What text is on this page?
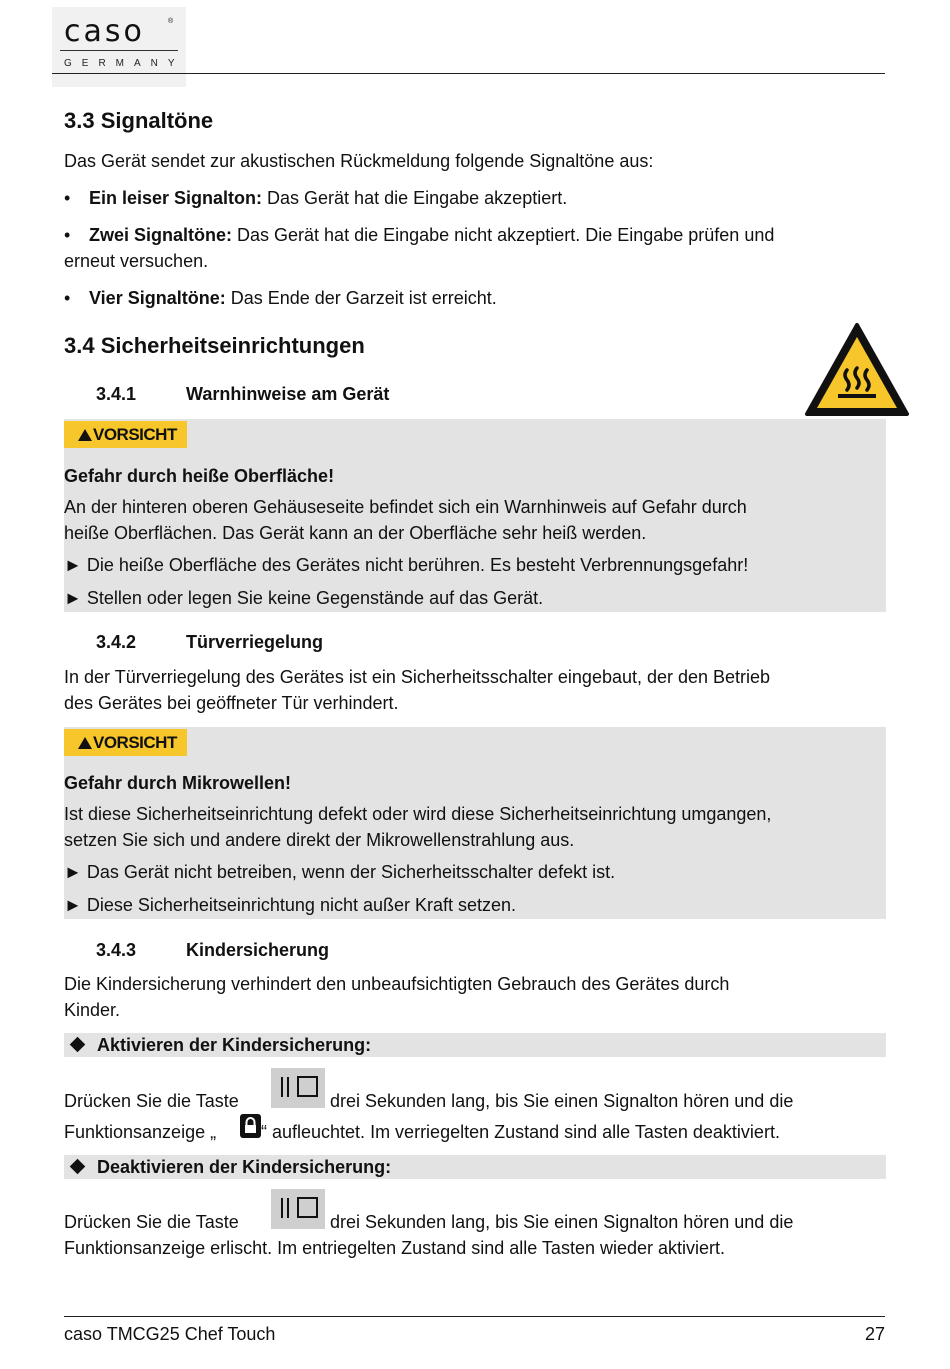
caso	®
GERMANY
3.3 Signaltöne
Das Gerät sendet zur akustischen Rückmeldung folgende Signaltöne aus:
• Ein leiser Signalton: Das Gerät hat die Eingabe akzeptiert.
• Zwei Signaltöne: Das Gerät hat die Eingabe nicht akzeptiert. Die Eingabe prüfen und
erneut versuchen.
• Vier Signaltöne: Das Ende der Garzeit ist erreicht.
3.4 Sicherheitseinrichtungen
3.4.1	Warnhinweise am Gerät
VORSICHT
Gefahr durch heiße Oberfläche!
An der hinteren oberen Gehäuseseite befindet sich ein Warnhinweis auf Gefahr durch
heiße Oberflächen. Das Gerät kann an der Oberfläche sehr heiß werden.
► Die heiße Oberfläche des Gerätes nicht berühren. Es besteht Verbrennungsgefahr!
► Stellen oder legen Sie keine Gegenstände auf das Gerät.
3.4.2	Türverriegelung
In der Türverriegelung des Gerätes ist ein Sicherheitsschalter eingebaut, der den Betrieb
des Gerätes bei geöffneter Tür verhindert.
VORSICHT
Gefahr durch Mikrowellen!
Ist diese Sicherheitseinrichtung defekt oder wird diese Sicherheitseinrichtung umgangen,
setzen Sie sich und andere direkt der Mikrowellenstrahlung aus.
► Das Gerät nicht betreiben, wenn der Sicherheitsschalter defekt ist.
► Diese Sicherheitseinrichtung nicht außer Kraft setzen.
3.4.3	Kindersicherung
Die Kindersicherung verhindert den unbeaufsichtigten Gebrauch des Gerätes durch
Kinder.
Aktivieren der Kindersicherung:
Drücken Sie die Taste	drei Sekunden lang, bis Sie einen Signalton hören und die
Funktionsanzeige „ “ aufleuchtet. Im verriegelten Zustand sind alle Tasten deaktiviert.
Deaktivieren der Kindersicherung:
Drücken Sie die Taste	drei Sekunden lang, bis Sie einen Signalton hören und die
Funktionsanzeige erlischt. Im entriegelten Zustand sind alle Tasten wieder aktiviert.
caso TMCG25 Chef Touch	27
